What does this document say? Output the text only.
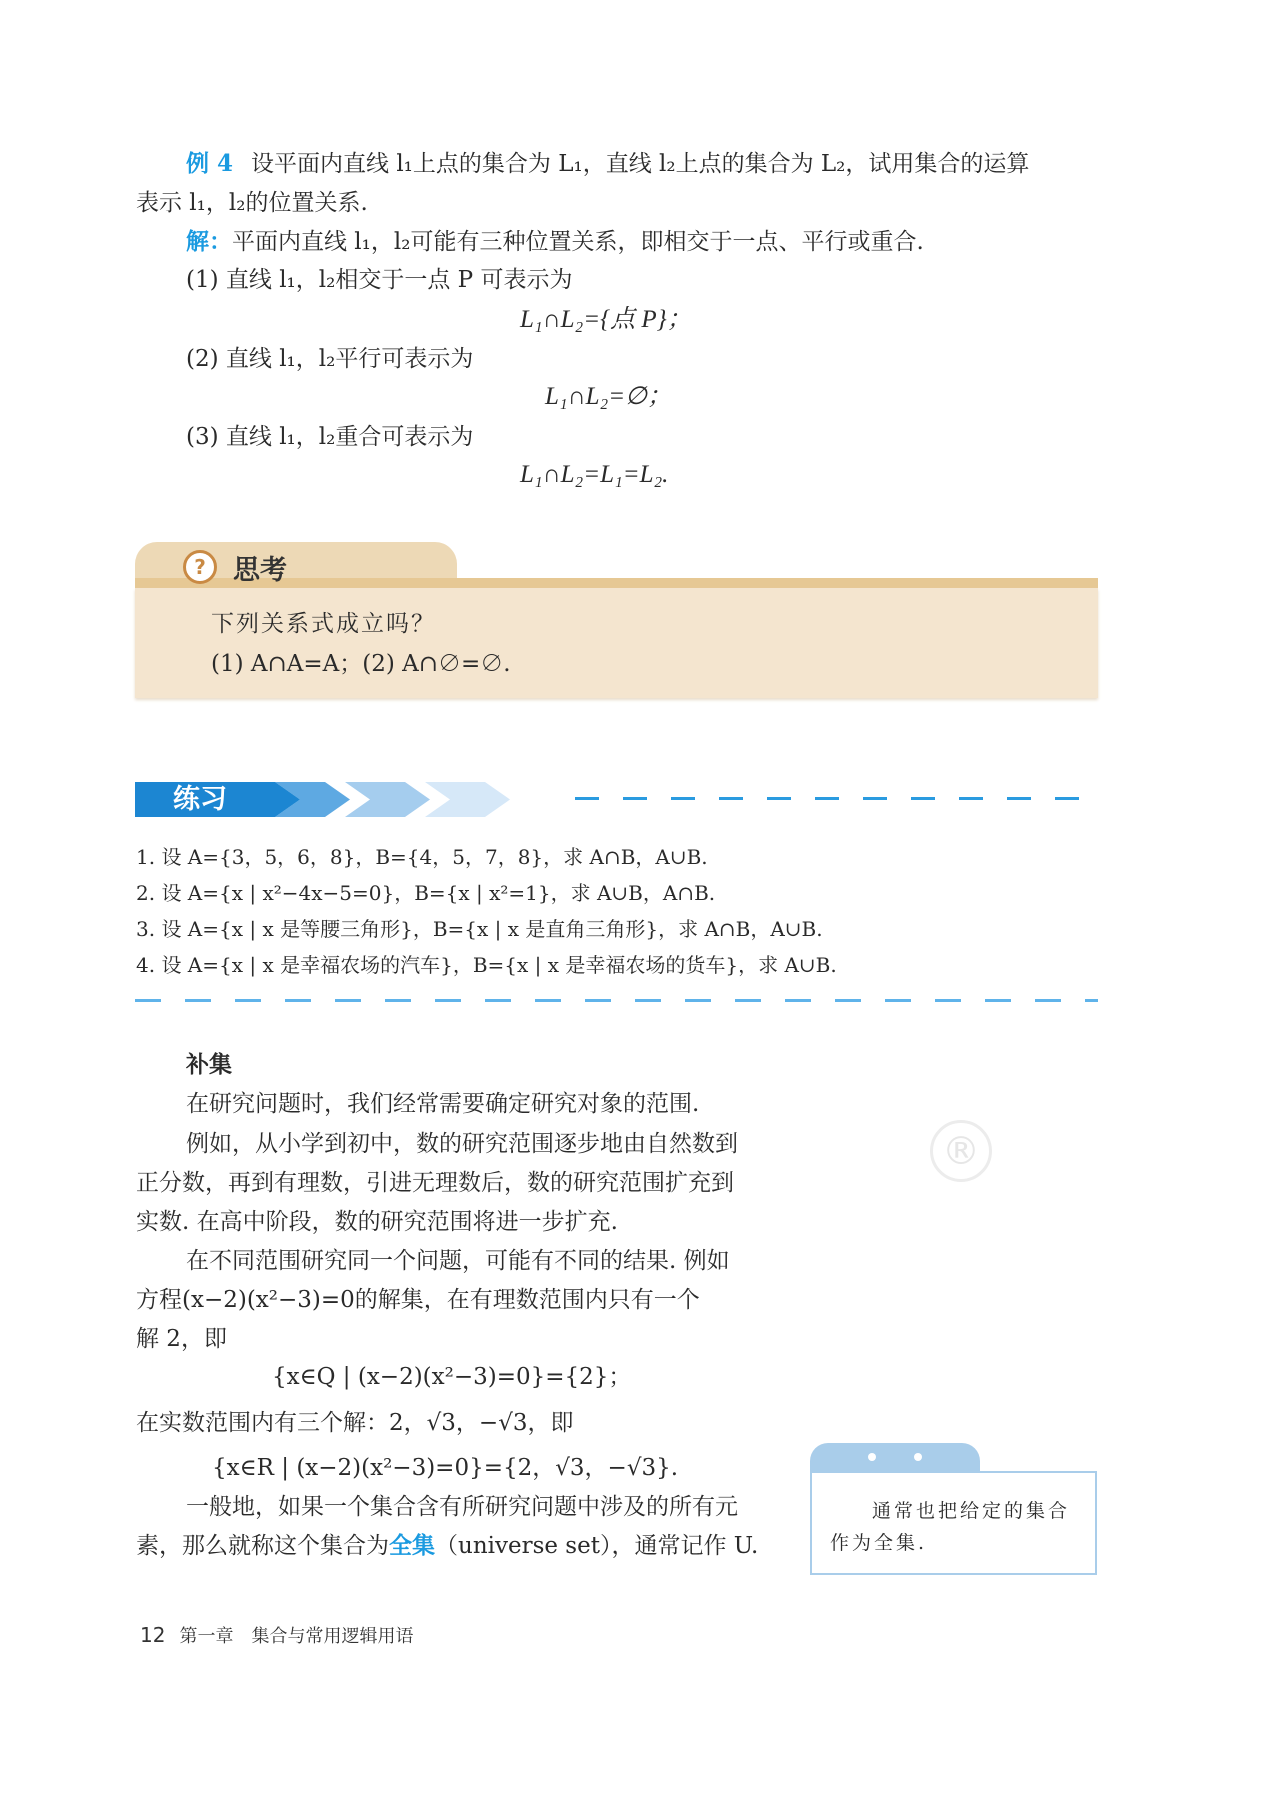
®
例 4 设平面内直线 l₁上点的集合为 L₁，直线 l₂上点的集合为 L₂，试用集合的运算
表示 l₁，l₂的位置关系.
解：平面内直线 l₁，l₂可能有三种位置关系，即相交于一点、平行或重合.
(1) 直线 l₁，l₂相交于一点 P 可表示为
L₁∩L₂={点 P}；
(2) 直线 l₁，l₂平行可表示为
L₁∩L₂=∅；
(3) 直线 l₁，l₂重合可表示为
L₁∩L₂=L₁=L₂.
?	思考
下列关系式成立吗？
(1) A∩A=A；(2) A∩∅=∅.
练习
1. 设 A={3，5，6，8}，B={4，5，7，8}，求 A∩B，A∪B.
2. 设 A={x | x²−4x−5=0}，B={x | x²=1}，求 A∪B，A∩B.
3. 设 A={x | x 是等腰三角形}，B={x | x 是直角三角形}，求 A∩B，A∪B.
4. 设 A={x | x 是幸福农场的汽车}，B={x | x 是幸福农场的货车}，求 A∪B.
补集
在研究问题时，我们经常需要确定研究对象的范围.
例如，从小学到初中，数的研究范围逐步地由自然数到
正分数，再到有理数，引进无理数后，数的研究范围扩充到
实数. 在高中阶段，数的研究范围将进一步扩充.
在不同范围研究同一个问题，可能有不同的结果. 例如
方程(x−2)(x²−3)=0的解集，在有理数范围内只有一个
解 2，即
{x∈Q | (x−2)(x²−3)=0}={2}；
在实数范围内有三个解：2，√3，−√3，即
{x∈R | (x−2)(x²−3)=0}={2，√3，−√3}.
一般地，如果一个集合含有所研究问题中涉及的所有元
素，那么就称这个集合为全集（universe set），通常记作 U.
通常也把给定的集合
作为全集.
12 第一章 集合与常用逻辑用语
